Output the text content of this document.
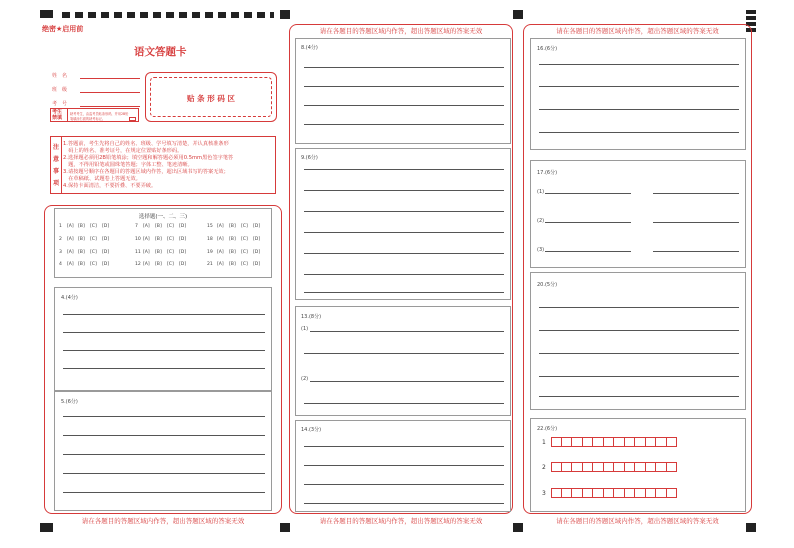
绝密★启用前
语文答题卡
姓　名
班　级
考　号
贴 条 形 码 区
考生禁填
缺考考生，由监考员贴条形码，并用2B铅
笔填涂右面的缺考标记。
注意事项
1.答题前，考生先将自己的姓名、班级、学号填写清楚，并认真核准条形
　码上的姓名、准考证号，在规定位置贴好条形码。
2.选择题必须用2B铅笔填涂；填空题和解答题必须用0.5mm黑色签字笔答
　题，不得用铅笔或圆珠笔答题；字体工整、笔迹清晰。
3.请按题号顺序在各题目的答题区域内作答，超出区域书写的答案无效；
　在草稿纸、试题卷上答题无效。
4.保持卡面清洁，不要折叠、不要弄破。
选择题(一、二、三)
1 [A] [B] [C] [D]	7 [A] [B] [C] [D]	15 [A] [B] [C] [D]
2 [A] [B] [C] [D]	10 [A] [B] [C] [D]	18 [A] [B] [C] [D]
3 [A] [B] [C] [D]	11 [A] [B] [C] [D]	19 [A] [B] [C] [D]
4 [A] [B] [C] [D]	12 [A] [B] [C] [D]	21 [A] [B] [C] [D]
4.(4分)
5.(6分)
请在各题目的答题区域内作答，超出答题区域的答案无效
请在各题目的答题区域内作答，超出答题区域的答案无效
8.(4分)
9.(6分)
13.(8分)
(1)
(2)
14.(3分)
请在各题目的答题区域内作答，超出答题区域的答案无效
请在各题目的答题区域内作答，超出答题区域的答案无效
16.(6分)
17.(6分)
(1)
(2)
(3)
20.(5分)
22.(6分)
1
2
3
请在各题目的答题区域内作答，超出答题区域的答案无效
